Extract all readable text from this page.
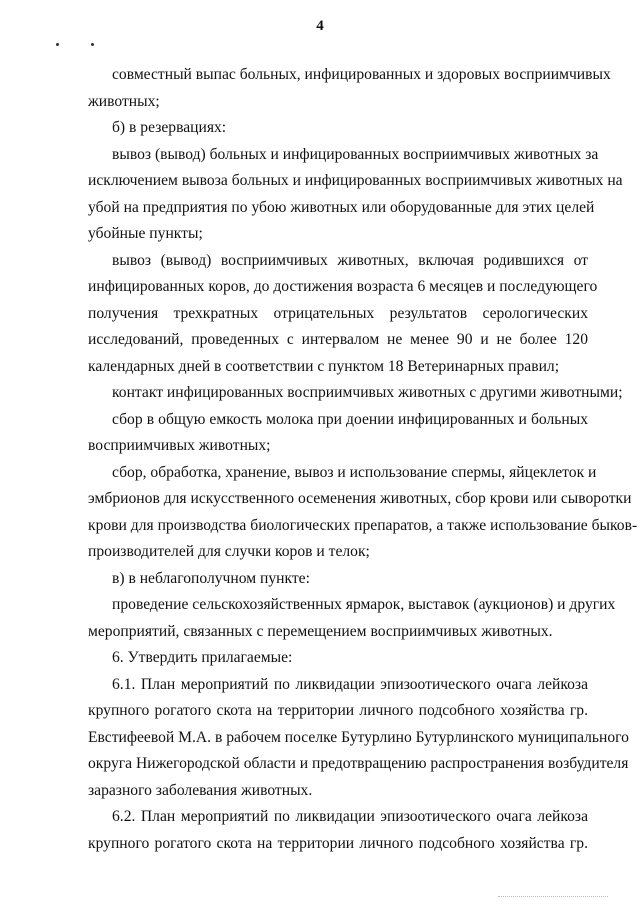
4
совместный выпас больных, инфицированных и здоровых восприимчивых
животных;
б) в резервациях:
вывоз (вывод) больных и инфицированных восприимчивых животных за
исключением вывоза больных и инфицированных восприимчивых животных на
убой на предприятия по убою животных или оборудованные для этих целей
убойные пункты;
вывоз (вывод) восприимчивых животных, включая родившихся от
инфицированных коров, до достижения возраста 6 месяцев и последующего
получения трехкратных отрицательных результатов серологических
исследований, проведенных с интервалом не менее 90 и не более 120
календарных дней в соответствии с пунктом 18 Ветеринарных правил;
контакт инфицированных восприимчивых животных с другими животными;
сбор в общую емкость молока при доении инфицированных и больных
восприимчивых животных;
сбор, обработка, хранение, вывоз и использование спермы, яйцеклеток и
эмбрионов для искусственного осеменения животных, сбор крови или сыворотки
крови для производства биологических препаратов, а также использование быков-
производителей для случки коров и телок;
в) в неблагополучном пункте:
проведение сельскохозяйственных ярмарок, выставок (аукционов) и других
мероприятий, связанных с перемещением восприимчивых животных.
6. Утвердить прилагаемые:
6.1. План мероприятий по ликвидации эпизоотического очага лейкоза
крупного рогатого скота на территории личного подсобного хозяйства гр.
Евстифеевой М.А. в рабочем поселке Бутурлино Бутурлинского муниципального
округа Нижегородской области и предотвращению распространения возбудителя
заразного заболевания животных.
6.2. План мероприятий по ликвидации эпизоотического очага лейкоза
крупного рогатого скота на территории личного подсобного хозяйства гр.
